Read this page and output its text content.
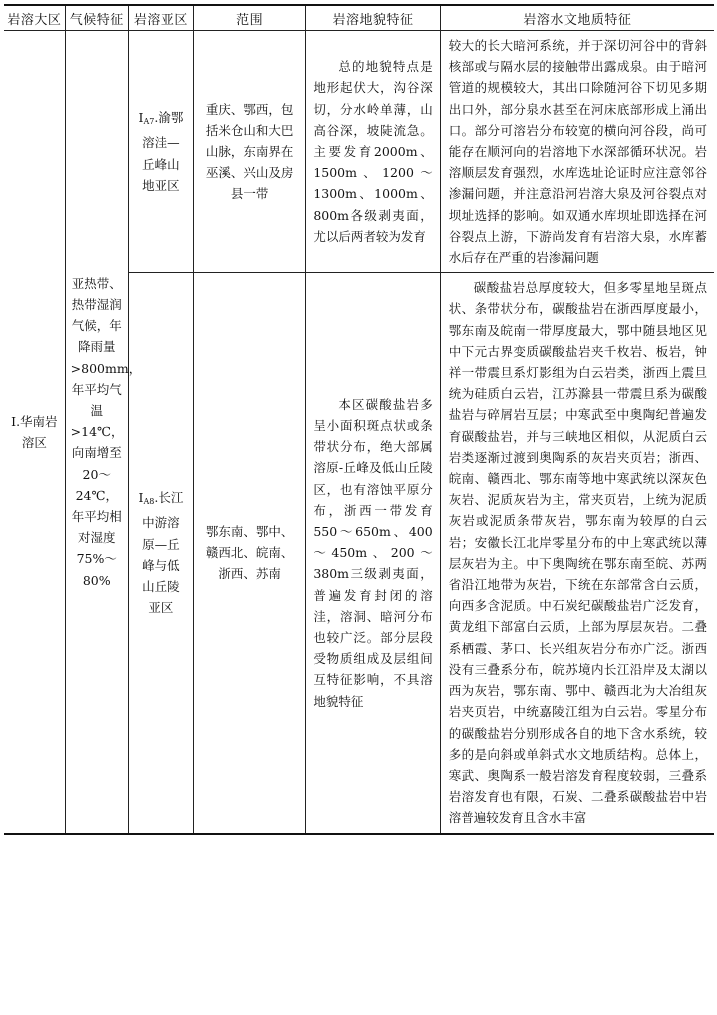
岩溶大区	气候特征	岩溶亚区	范围	岩溶地貌特征	岩溶水文地质特征
Ⅰ.华南岩溶区	亚热带、热带湿润气候，年降雨量>800mm，年平均气温>14℃，向南增至20～24℃，年平均相对湿度75%～80%	$Ⅰ_{A7}$.渝鄂溶洼—丘峰山地亚区	重庆、鄂西，包括米仓山和大巴山脉，东南界在巫溪、兴山及房县一带	总的地貌特点是地形起伏大，沟谷深切，分水岭单薄，山高谷深，坡陡流急。主要发育2000m、1500m、1200～1300m、1000m、800m各级剥夷面，尤以后两者较为发育	较大的长大暗河系统，并于深切河谷中的背斜核部或与隔水层的接触带出露成泉。由于暗河管道的规模较大，其出口除随河谷下切见多期出口外，部分泉水甚至在河床底部形成上涌出口。部分可溶岩分布较宽的横向河谷段，尚可能存在顺河向的岩溶地下水深部循环状况。岩溶顺层发育强烈，水库选址论证时应注意邻谷渗漏问题，并注意沿河岩溶大泉及河谷裂点对坝址选择的影响。如双通水库坝址即选择在河谷裂点上游，下游尚发育有岩溶大泉，水库蓄水后存在严重的岩渗漏问题
		$Ⅰ_{A8}$.长江中游溶原—丘峰与低山丘陵亚区	鄂东南、鄂中、赣西北、皖南、浙西、苏南	本区碳酸盐岩多呈小面积斑点状或条带状分布，绝大部属溶原-丘峰及低山丘陵区，也有溶蚀平原分布，浙西一带发育550～650m、400～450m、200～380m三级剥夷面，普遍发育封闭的溶洼，溶洞、暗河分布也较广泛。部分层段受物质组成及层组间互特征影响，不具溶地貌特征	碳酸盐岩总厚度较大，但多零星地呈斑点状、条带状分布，碳酸盐岩在浙西厚度最小，鄂东南及皖南一带厚度最大，鄂中随县地区见中下元古界变质碳酸盐岩夹千枚岩、板岩，钟祥一带震旦系灯影组为白云岩类，浙西上震旦统为硅质白云岩，江苏滁县一带震旦系为碳酸盐岩与碎屑岩互层；中寒武至中奥陶纪普遍发育碳酸盐岩，并与三峡地区相似，从泥质白云岩类逐渐过渡到奥陶系的灰岩夹页岩；浙西、皖南、赣西北、鄂东南等地中寒武统以深灰色灰岩、泥质灰岩为主，常夹页岩，上统为泥质灰岩或泥质条带灰岩，鄂东南为较厚的白云岩；安徽长江北岸零星分布的中上寒武统以薄层灰岩为主。中下奥陶统在鄂东南至皖、苏两省沿江地带为灰岩，下统在东部常含白云质，向西多含泥质。中石炭纪碳酸盐岩广泛发育，黄龙组下部富白云质，上部为厚层灰岩。二叠系栖霞、茅口、长兴组灰岩分布亦广泛。浙西没有三叠系分布，皖苏境内长江沿岸及太湖以西为灰岩，鄂东南、鄂中、赣西北为大冶组灰岩夹页岩，中统嘉陵江组为白云岩。零星分布的碳酸盐岩分别形成各自的地下含水系统，较多的是向斜或单斜式水文地质结构。总体上，寒武、奥陶系一般岩溶发育程度较弱，三叠系岩溶发育也有限，石炭、二叠系碳酸盐岩中岩溶普遍较发育且含水丰富
